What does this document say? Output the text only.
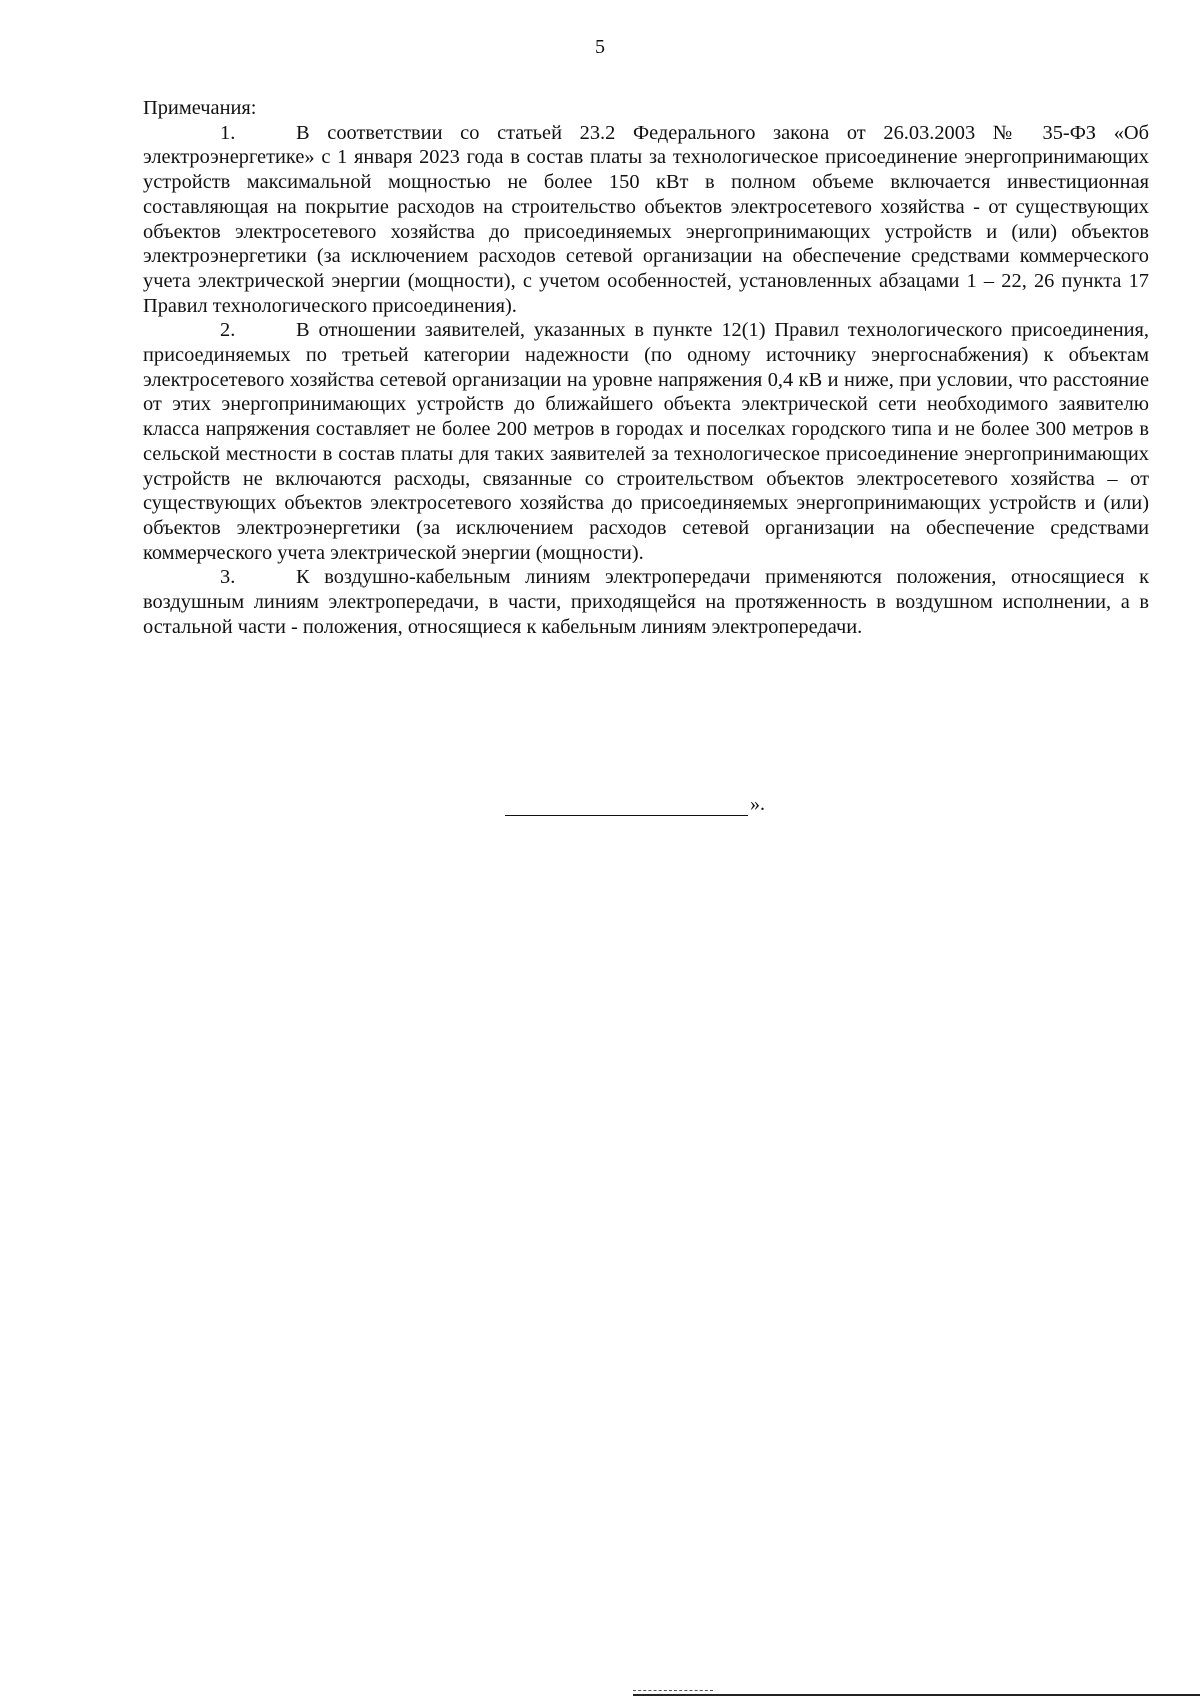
5

Примечания:

1.	В соответствии со статьей 23.2 Федерального закона от 26.03.2003 № 35-ФЗ «Об электроэнергетике» с 1 января 2023 года в состав платы за технологическое присоединение энергопринимающих устройств максимальной мощностью не более 150 кВт в полном объеме включается инвестиционная составляющая на покрытие расходов на строительство объектов электросетевого хозяйства - от существующих объектов электросетевого хозяйства до присоединяемых энергопринимающих устройств и (или) объектов электроэнергетики (за исключением расходов сетевой организации на обеспечение средствами коммерческого учета электрической энергии (мощности), с учетом особенностей, установленных абзацами 1 – 22, 26 пункта 17 Правил технологического присоединения).

2.	В отношении заявителей, указанных в пункте 12(1) Правил технологического присоединения, присоединяемых по третьей категории надежности (по одному источнику энергоснабжения) к объектам электросетевого хозяйства сетевой организации на уровне напряжения 0,4 кВ и ниже, при условии, что расстояние от этих энергопринимающих устройств до ближайшего объекта электрической сети необходимого заявителю класса напряжения составляет не более 200 метров в городах и поселках городского типа и не более 300 метров в сельской местности в состав платы для таких заявителей за технологическое присоединение энергопринимающих устройств не включаются расходы, связанные со строительством объектов электросетевого хозяйства – от существующих объектов электросетевого хозяйства до присоединяемых энергопринимающих устройств и (или) объектов электроэнергетики (за исключением расходов сетевой организации на обеспечение средствами коммерческого учета электрической энергии (мощности).

3.	К воздушно-кабельным линиям электропередачи применяются положения, относящиеся к воздушным линиям электропередачи, в части, приходящейся на протяженность в воздушном исполнении, а в остальной части - положения, относящиеся к кабельным линиям электропередачи.

».
